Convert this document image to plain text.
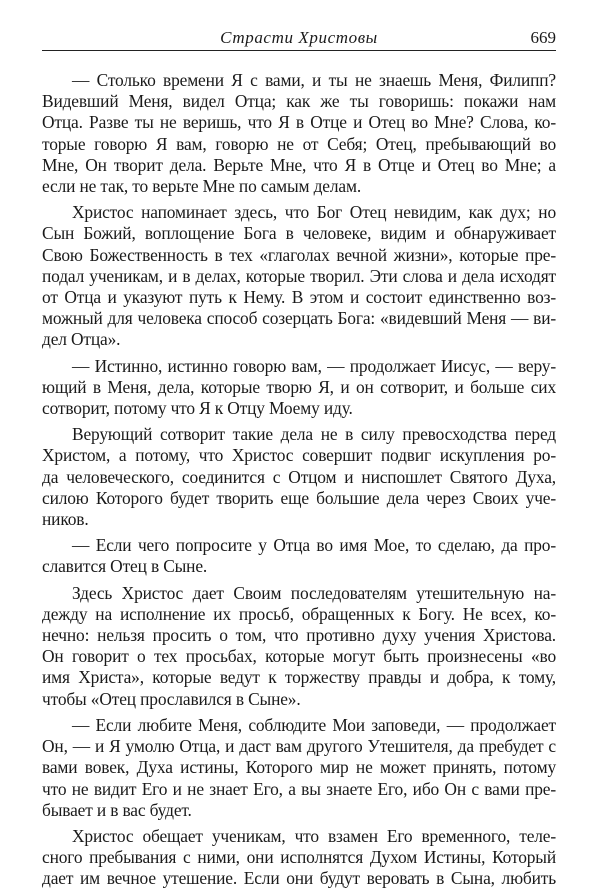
Страсти Христовы	669
— Столько времени Я с вами, и ты не знаешь Меня, Филипп?
Видевший Меня, видел Отца; как же ты говоришь: покажи нам
Отца. Разве ты не веришь, что Я в Отце и Отец во Мне? Слова, ко-
торые говорю Я вам, говорю не от Себя; Отец, пребывающий во
Мне, Он творит дела. Верьте Мне, что Я в Отце и Отец во Мне; а
если не так, то верьте Мне по самым делам.
Христос напоминает здесь, что Бог Отец невидим, как дух; но
Сын Божий, воплощение Бога в человеке, видим и обнаруживает
Свою Божественность в тех «глаголах вечной жизни», которые пре-
подал ученикам, и в делах, которые творил. Эти слова и дела исходят
от Отца и указуют путь к Нему. В этом и состоит единственно воз-
можный для человека способ созерцать Бога: «видевший Меня — ви-
дел Отца».
— Истинно, истинно говорю вам, — продолжает Иисус, — веру-
ющий в Меня, дела, которые творю Я, и он сотворит, и больше сих
сотворит, потому что Я к Отцу Моему иду.
Верующий сотворит такие дела не в силу превосходства перед
Христом, а потому, что Христос совершит подвиг искупления ро-
да человеческого, соединится с Отцом и ниспошлет Святого Духа,
силою Которого будет творить еще большие дела через Своих уче-
ников.
— Если чего попросите у Отца во имя Мое, то сделаю, да про-
славится Отец в Сыне.
Здесь Христос дает Своим последователям утешительную на-
дежду на исполнение их просьб, обращенных к Богу. Не всех, ко-
нечно: нельзя просить о том, что противно духу учения Христова.
Он говорит о тех просьбах, которые могут быть произнесены «во
имя Христа», которые ведут к торжеству правды и добра, к тому,
чтобы «Отец прославился в Сыне».
— Если любите Меня, соблюдите Мои заповеди, — продолжает
Он, — и Я умолю Отца, и даст вам другого Утешителя, да пребудет с
вами вовек, Духа истины, Которого мир не может принять, потому
что не видит Его и не знает Его, а вы знаете Его, ибо Он с вами пре-
бывает и в вас будет.
Христос обещает ученикам, что взамен Его временного, теле-
сного пребывания с ними, они исполнятся Духом Истины, Который
дает им вечное утешение. Если они будут веровать в Сына, любить
